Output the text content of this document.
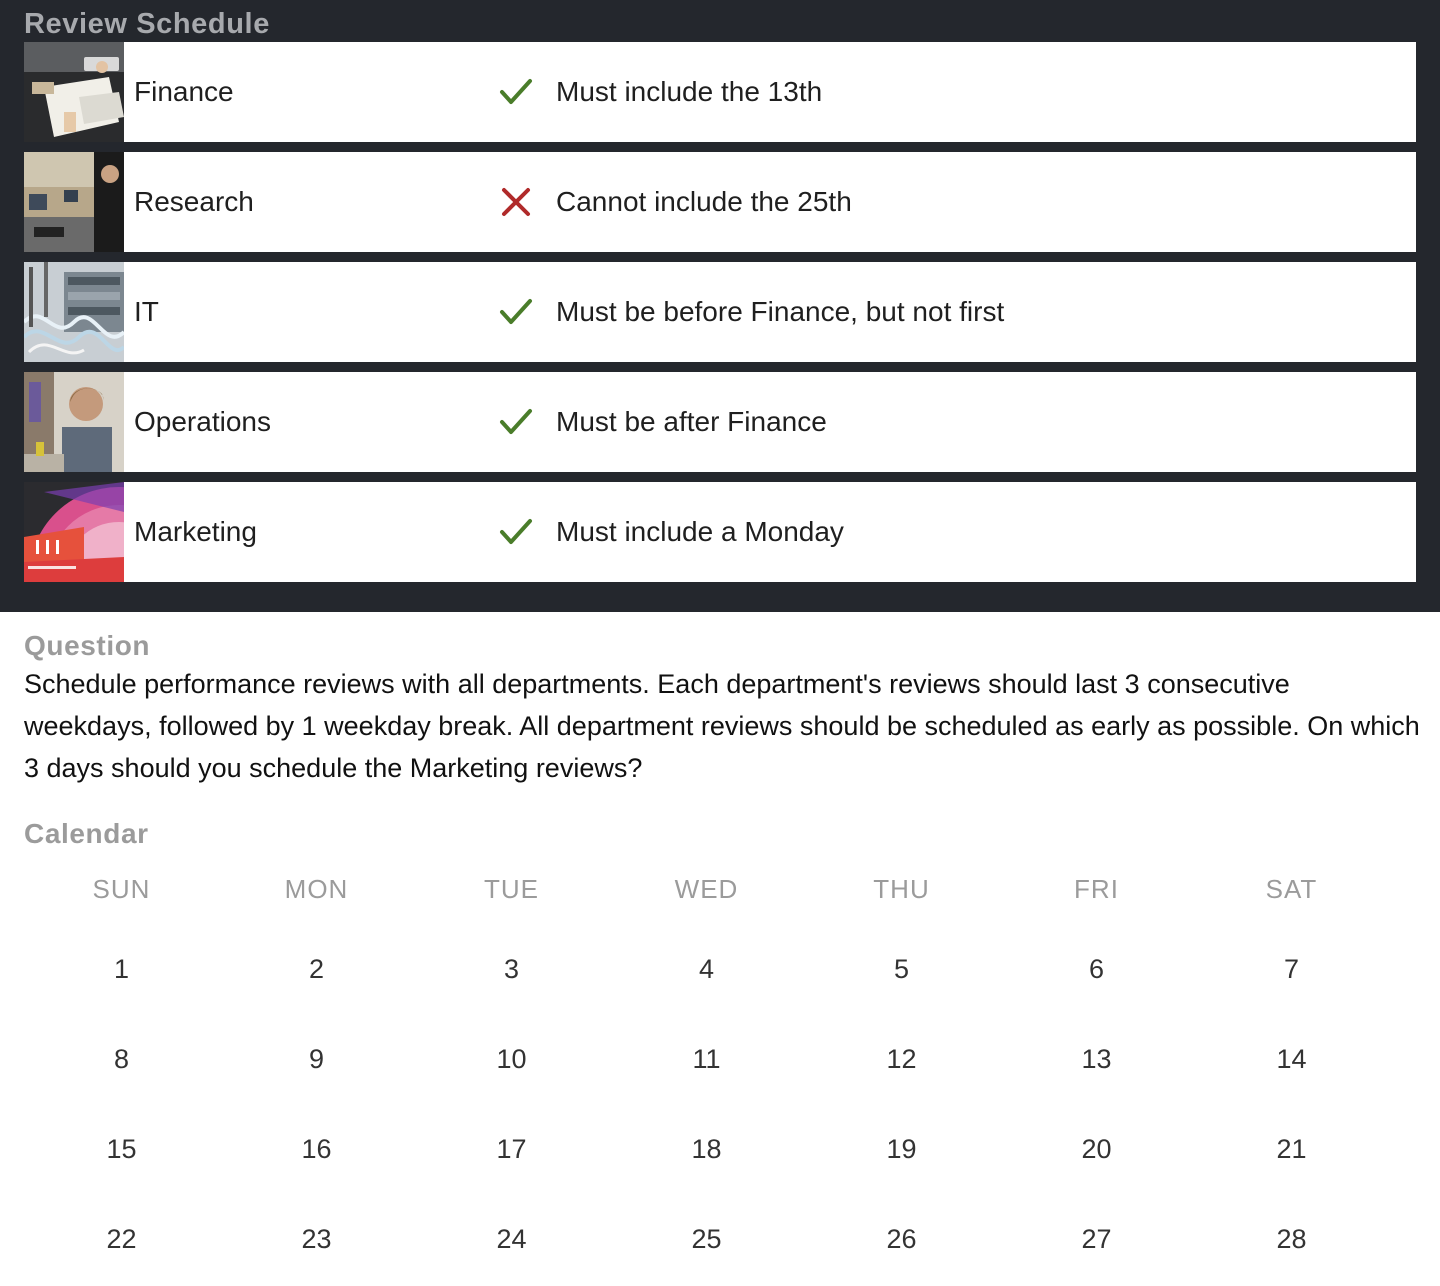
Review Schedule
Finance	Must include the 13th
Research	Cannot include the 25th
IT	Must be before Finance, but not first
Operations	Must be after Finance
Marketing	Must include a Monday
Question
Schedule performance reviews with all departments. Each department's reviews should last 3 consecutive weekdays, followed by 1 weekday break. All department reviews should be scheduled as early as possible. On which 3 days should you schedule the Marketing reviews?
Calendar
SUN	MON	TUE	WED	THU	FRI	SAT
1	2	3	4	5	6	7
8	9	10	11	12	13	14
15	16	17	18	19	20	21
22	23	24	25	26	27	28
